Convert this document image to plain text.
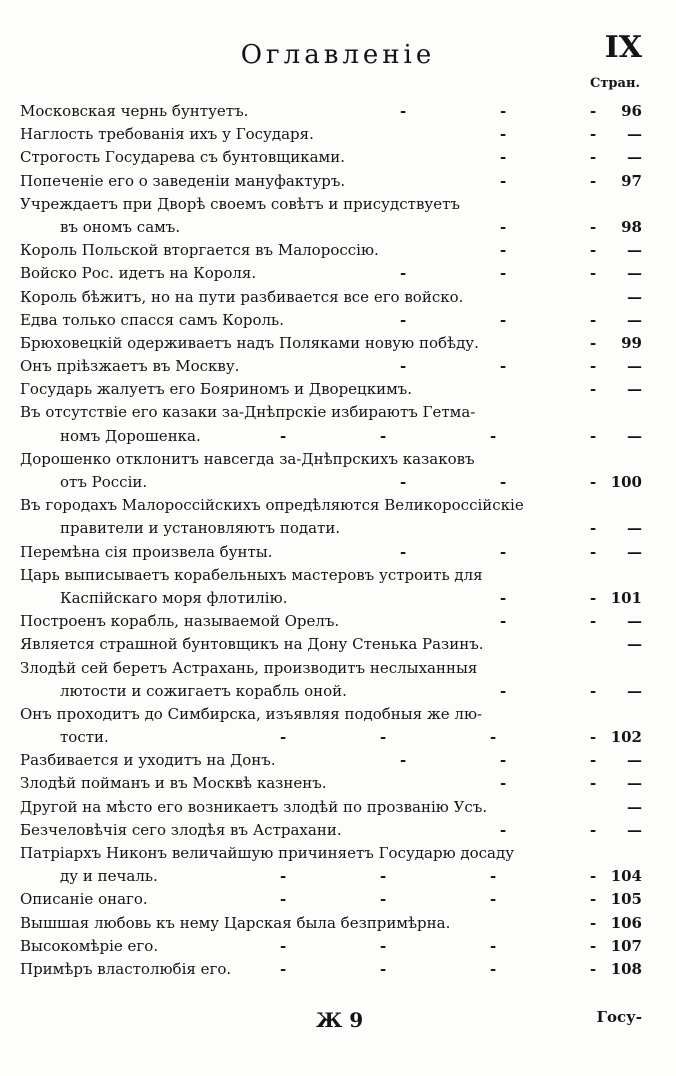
Оглавленіе	IX
Стран.
Московская чернь бунтуетъ.	-	-	-	96
Наглость требованія ихъ у Государя.	-	-	—
Строгость Государева съ бунтовщиками.	-	-	—
Попеченіе его о заведеніи мануфактуръ.	-	-	97
Учреждаетъ при Дворѣ своемъ совѣтъ и присудствуетъ
въ ономъ самъ.	-	-	98
Король Польской вторгается въ Малороссію.	-	-	—
Войско Рос. идетъ на Короля.	-	-	-	—
Король бѣжитъ, но на пути разбивается все его войско.	—
Едва только спасся самъ Король.	-	-	-	—
Брюховецкій одерживаетъ надъ Поляками новую побѣду.	-	99
Онъ пріѣзжаетъ въ Москву.	-	-	-	—
Государь жалуетъ его Бояриномъ и Дворецкимъ.	-	—
Въ отсутствіе его казаки за-Днѣпрскіе избираютъ Гетма-
номъ Дорошенка.	-	-	-	-	—
Дорошенко отклонитъ навсегда за-Днѣпрскихъ казаковъ
отъ Россіи.	-	-	- 100
Въ городахъ Малороссійскихъ опредѣляются Великороссійскіе
правители и установляютъ подати.	-	—
Перемѣна сія произвела бунты.	-	-	-	—
Царь выписываетъ корабельныхъ мастеровъ устроить для
Каспійскаго моря флотилію.	-	- 101
Построенъ корабль, называемой Орелъ.	-	-	—
Является страшной бунтовщикъ на Дону Стенька Разинъ.	—
Злодѣй сей беретъ Астрахань, производитъ неслыханныя
лютости и сожигаетъ корабль оной.	-	-	—
Онъ проходитъ до Симбирска, изъявляя подобныя же лю-
тости.	-	-	-	- 102
Разбивается и уходитъ на Донъ.	-	-	-	—
Злодѣй пойманъ и въ Москвѣ казненъ.	-	-	—
Другой на мѣсто его возникаетъ злодѣй по прозванію Усъ.	—
Безчеловѣчія сего злодѣя въ Астрахани.	-	-	—
Патріархъ Никонъ величайшую причиняетъ Государю досаду
ду и печаль.	-	-	-	- 104
Описаніе онаго.	-	-	-	- 105
Вышшая любовь къ нему Царская была безпримѣрна.	- 106
Высокомѣріе его.	-	-	-	- 107
Примѣръ властолюбія его.	-	-	-	- 108
Ж 9	Госу-
